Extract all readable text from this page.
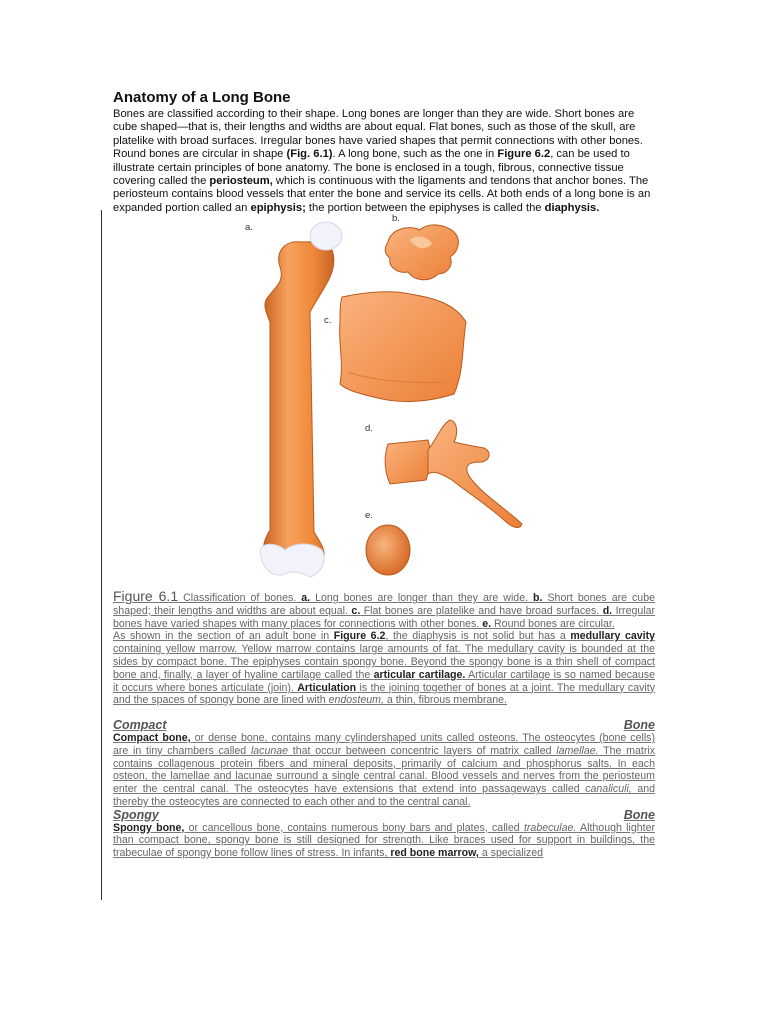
Anatomy of a Long Bone

Bones are classified according to their shape. Long bones are longer than they are wide. Short bones are cube shaped—that is, their lengths and widths are about equal. Flat bones, such as those of the skull, are platelike with broad surfaces. Irregular bones have varied shapes that permit connections with other bones. Round bones are circular in shape (Fig. 6.1). A long bone, such as the one in Figure 6.2, can be used to illustrate certain principles of bone anatomy. The bone is enclosed in a tough, fibrous, connective tissue covering called the periosteum, which is continuous with the ligaments and tendons that anchor bones. The periosteum contains blood vessels that enter the bone and service its cells. At both ends of a long bone is an expanded portion called an epiphysis; the portion between the epiphyses is called the diaphysis.

a.
b.
c.
d.
e.

Figure 6.1 Classification of bones. a. Long bones are longer than they are wide. b. Short bones are cube shaped; their lengths and widths are about equal. c. Flat bones are platelike and have broad surfaces. d. Irregular bones have varied shapes with many places for connections with other bones. e. Round bones are circular.

As shown in the section of an adult bone in Figure 6.2, the diaphysis is not solid but has a medullary cavity containing yellow marrow. Yellow marrow contains large amounts of fat. The medullary cavity is bounded at the sides by compact bone. The epiphyses contain spongy bone. Beyond the spongy bone is a thin shell of compact bone and, finally, a layer of hyaline cartilage called the articular cartilage. Articular cartilage is so named because it occurs where bones articulate (join). Articulation is the joining together of bones at a joint. The medullary cavity and the spaces of spongy bone are lined with endosteum, a thin, fibrous membrane.

Compact	Bone

Compact bone, or dense bone, contains many cylindershaped units called osteons. The osteocytes (bone cells) are in tiny chambers called lacunae that occur between concentric layers of matrix called lamellae. The matrix contains collagenous protein fibers and mineral deposits, primarily of calcium and phosphorus salts. In each osteon, the lamellae and lacunae surround a single central canal. Blood vessels and nerves from the periosteum enter the central canal. The osteocytes have extensions that extend into passageways called canaliculi, and thereby the osteocytes are connected to each other and to the central canal.

Spongy	Bone

Spongy bone, or cancellous bone, contains numerous bony bars and plates, called trabeculae. Although lighter than compact bone, spongy bone is still designed for strength. Like braces used for support in buildings, the trabeculae of spongy bone follow lines of stress. In infants, red bone marrow, a specialized
